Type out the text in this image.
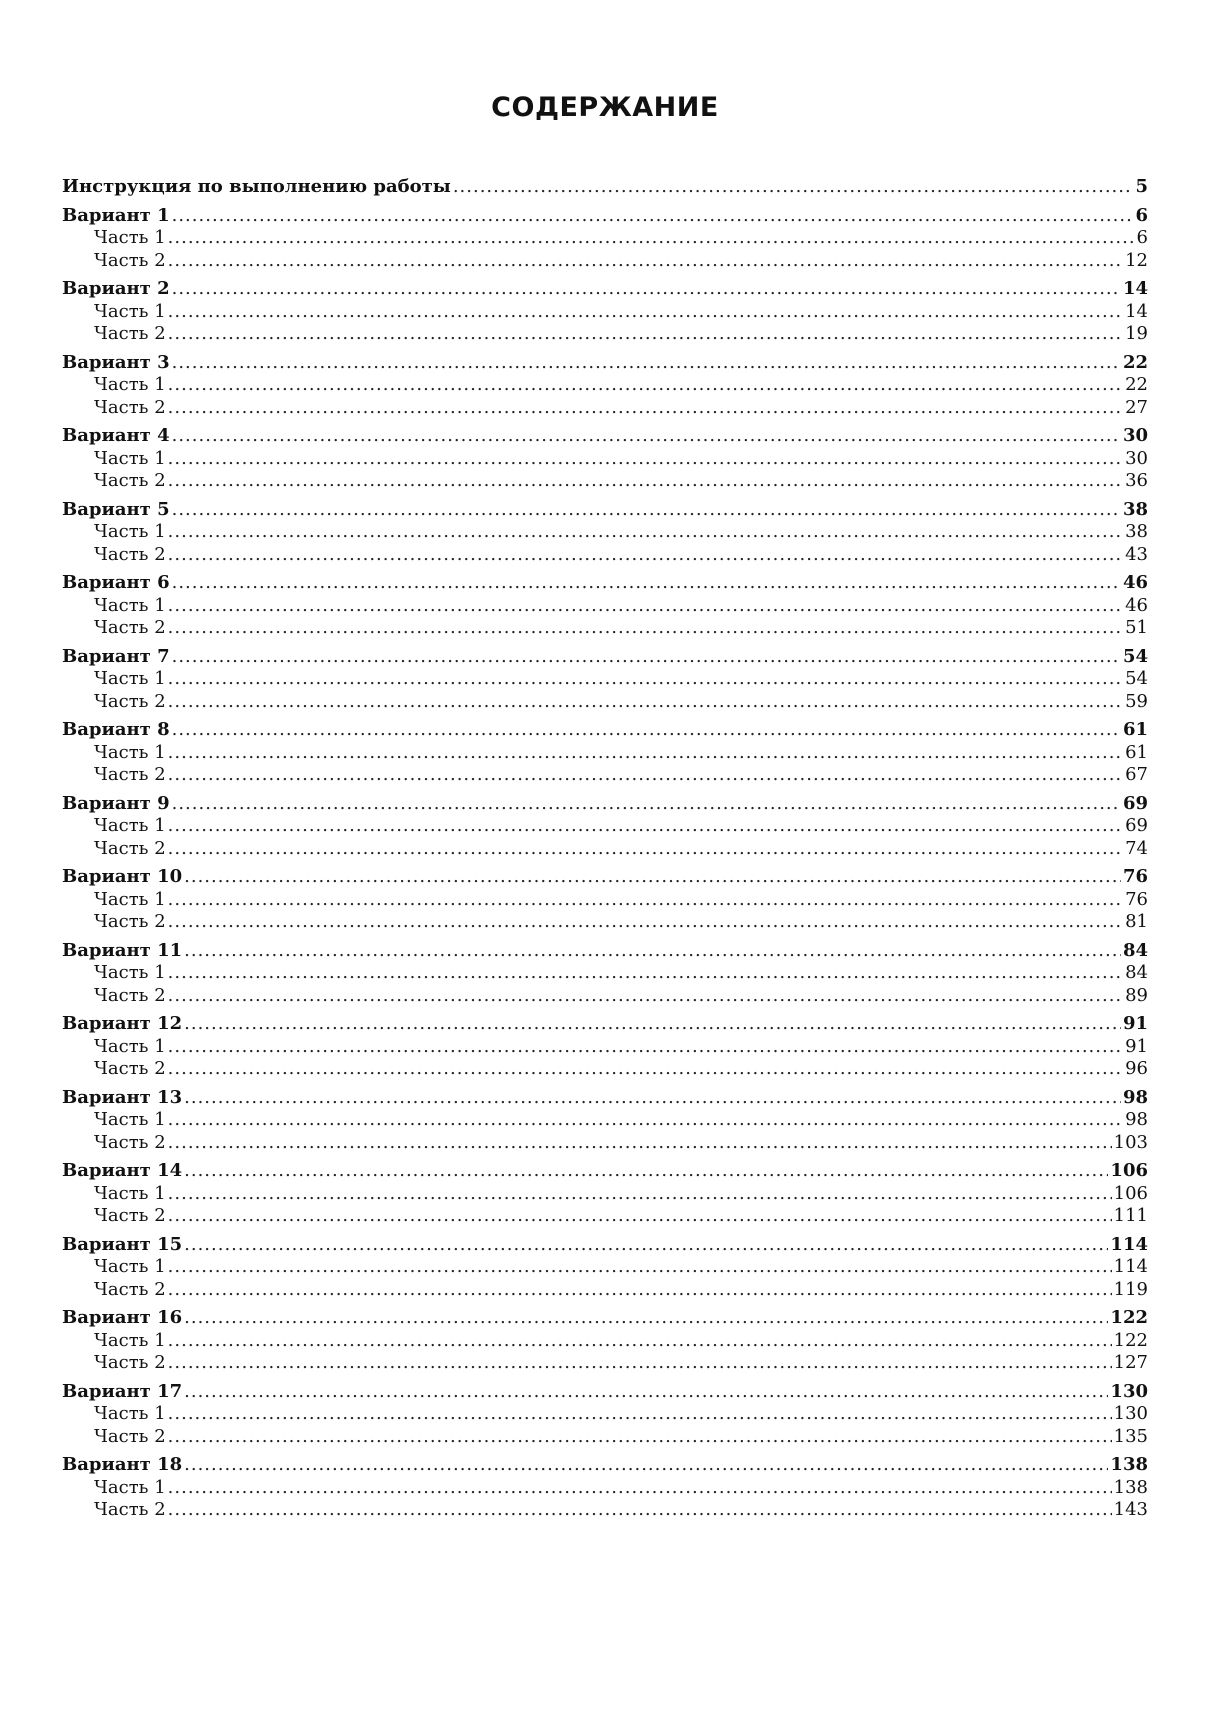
СОДЕРЖАНИЕ
Инструкция по выполнению работы .....	5
Вариант 1 .....	6
Часть 1 .....	6
Часть 2 .....	12
Вариант 2 .....	14
Часть 1 .....	14
Часть 2 .....	19
Вариант 3 .....	22
Часть 1 .....	22
Часть 2 .....	27
Вариант 4 .....	30
Часть 1 .....	30
Часть 2 .....	36
Вариант 5 .....	38
Часть 1 .....	38
Часть 2 .....	43
Вариант 6 .....	46
Часть 1 .....	46
Часть 2 .....	51
Вариант 7 .....	54
Часть 1 .....	54
Часть 2 .....	59
Вариант 8 .....	61
Часть 1 .....	61
Часть 2 .....	67
Вариант 9 .....	69
Часть 1 .....	69
Часть 2 .....	74
Вариант 10 .....	76
Часть 1 .....	76
Часть 2 .....	81
Вариант 11 .....	84
Часть 1 .....	84
Часть 2 .....	89
Вариант 12 .....	91
Часть 1 .....	91
Часть 2 .....	96
Вариант 13 .....	98
Часть 1 .....	98
Часть 2 .....	103
Вариант 14 .....	106
Часть 1 .....	106
Часть 2 .....	111
Вариант 15 .....	114
Часть 1 .....	114
Часть 2 .....	119
Вариант 16 .....	122
Часть 1 .....	122
Часть 2 .....	127
Вариант 17 .....	130
Часть 1 .....	130
Часть 2 .....	135
Вариант 18 .....	138
Часть 1 .....	138
Часть 2 .....	143
